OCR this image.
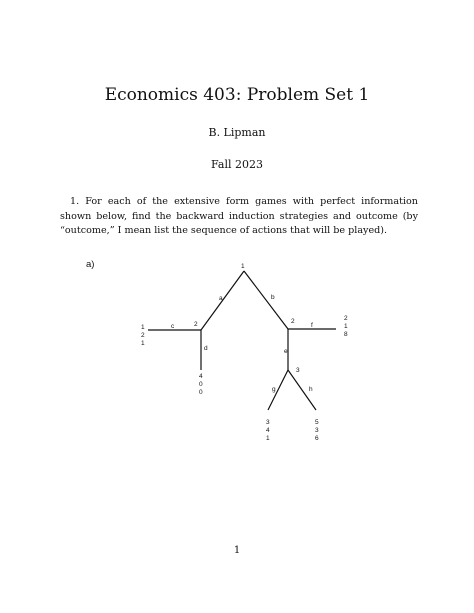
Economics 403: Problem Set 1
B. Lipman
Fall 2023
1. For each of the extensive form games with perfect information shown below, find the backward induction strategies and outcome (by “outcome,” I mean list the sequence of actions that will be played).
a)	1
2	2
3
a	b
c
d	e
f
g	h
1
2
1
4
0
0
2
1
8
3
4
1
5
3
6
1
